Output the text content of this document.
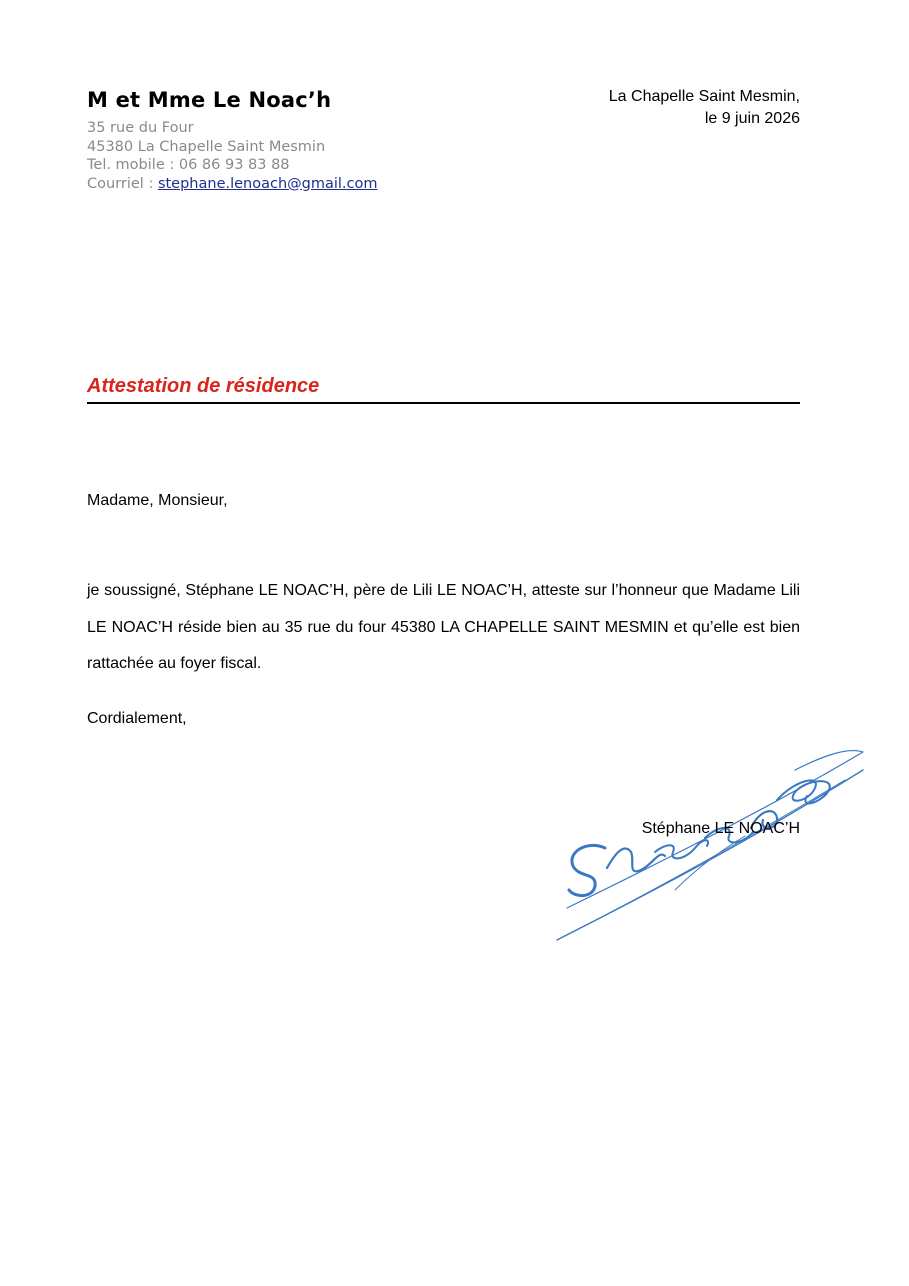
M et Mme Le Noac’h

35 rue du Four

45380 La Chapelle Saint Mesmin

Tel. mobile : 06 86 93 83 88

Courriel : stephane.lenoach@gmail.com

La Chapelle Saint Mesmin,
le 9 juin 2026

Attestation de résidence

Madame, Monsieur,

je soussigné, Stéphane LE NOAC’H, père de Lili LE NOAC’H, atteste sur l’honneur que Madame Lili LE NOAC’H réside bien au 35 rue du four 45380 LA CHAPELLE SAINT MESMIN et qu’elle est bien rattachée au foyer fiscal.

Cordialement,

Stéphane LE NOAC’H
